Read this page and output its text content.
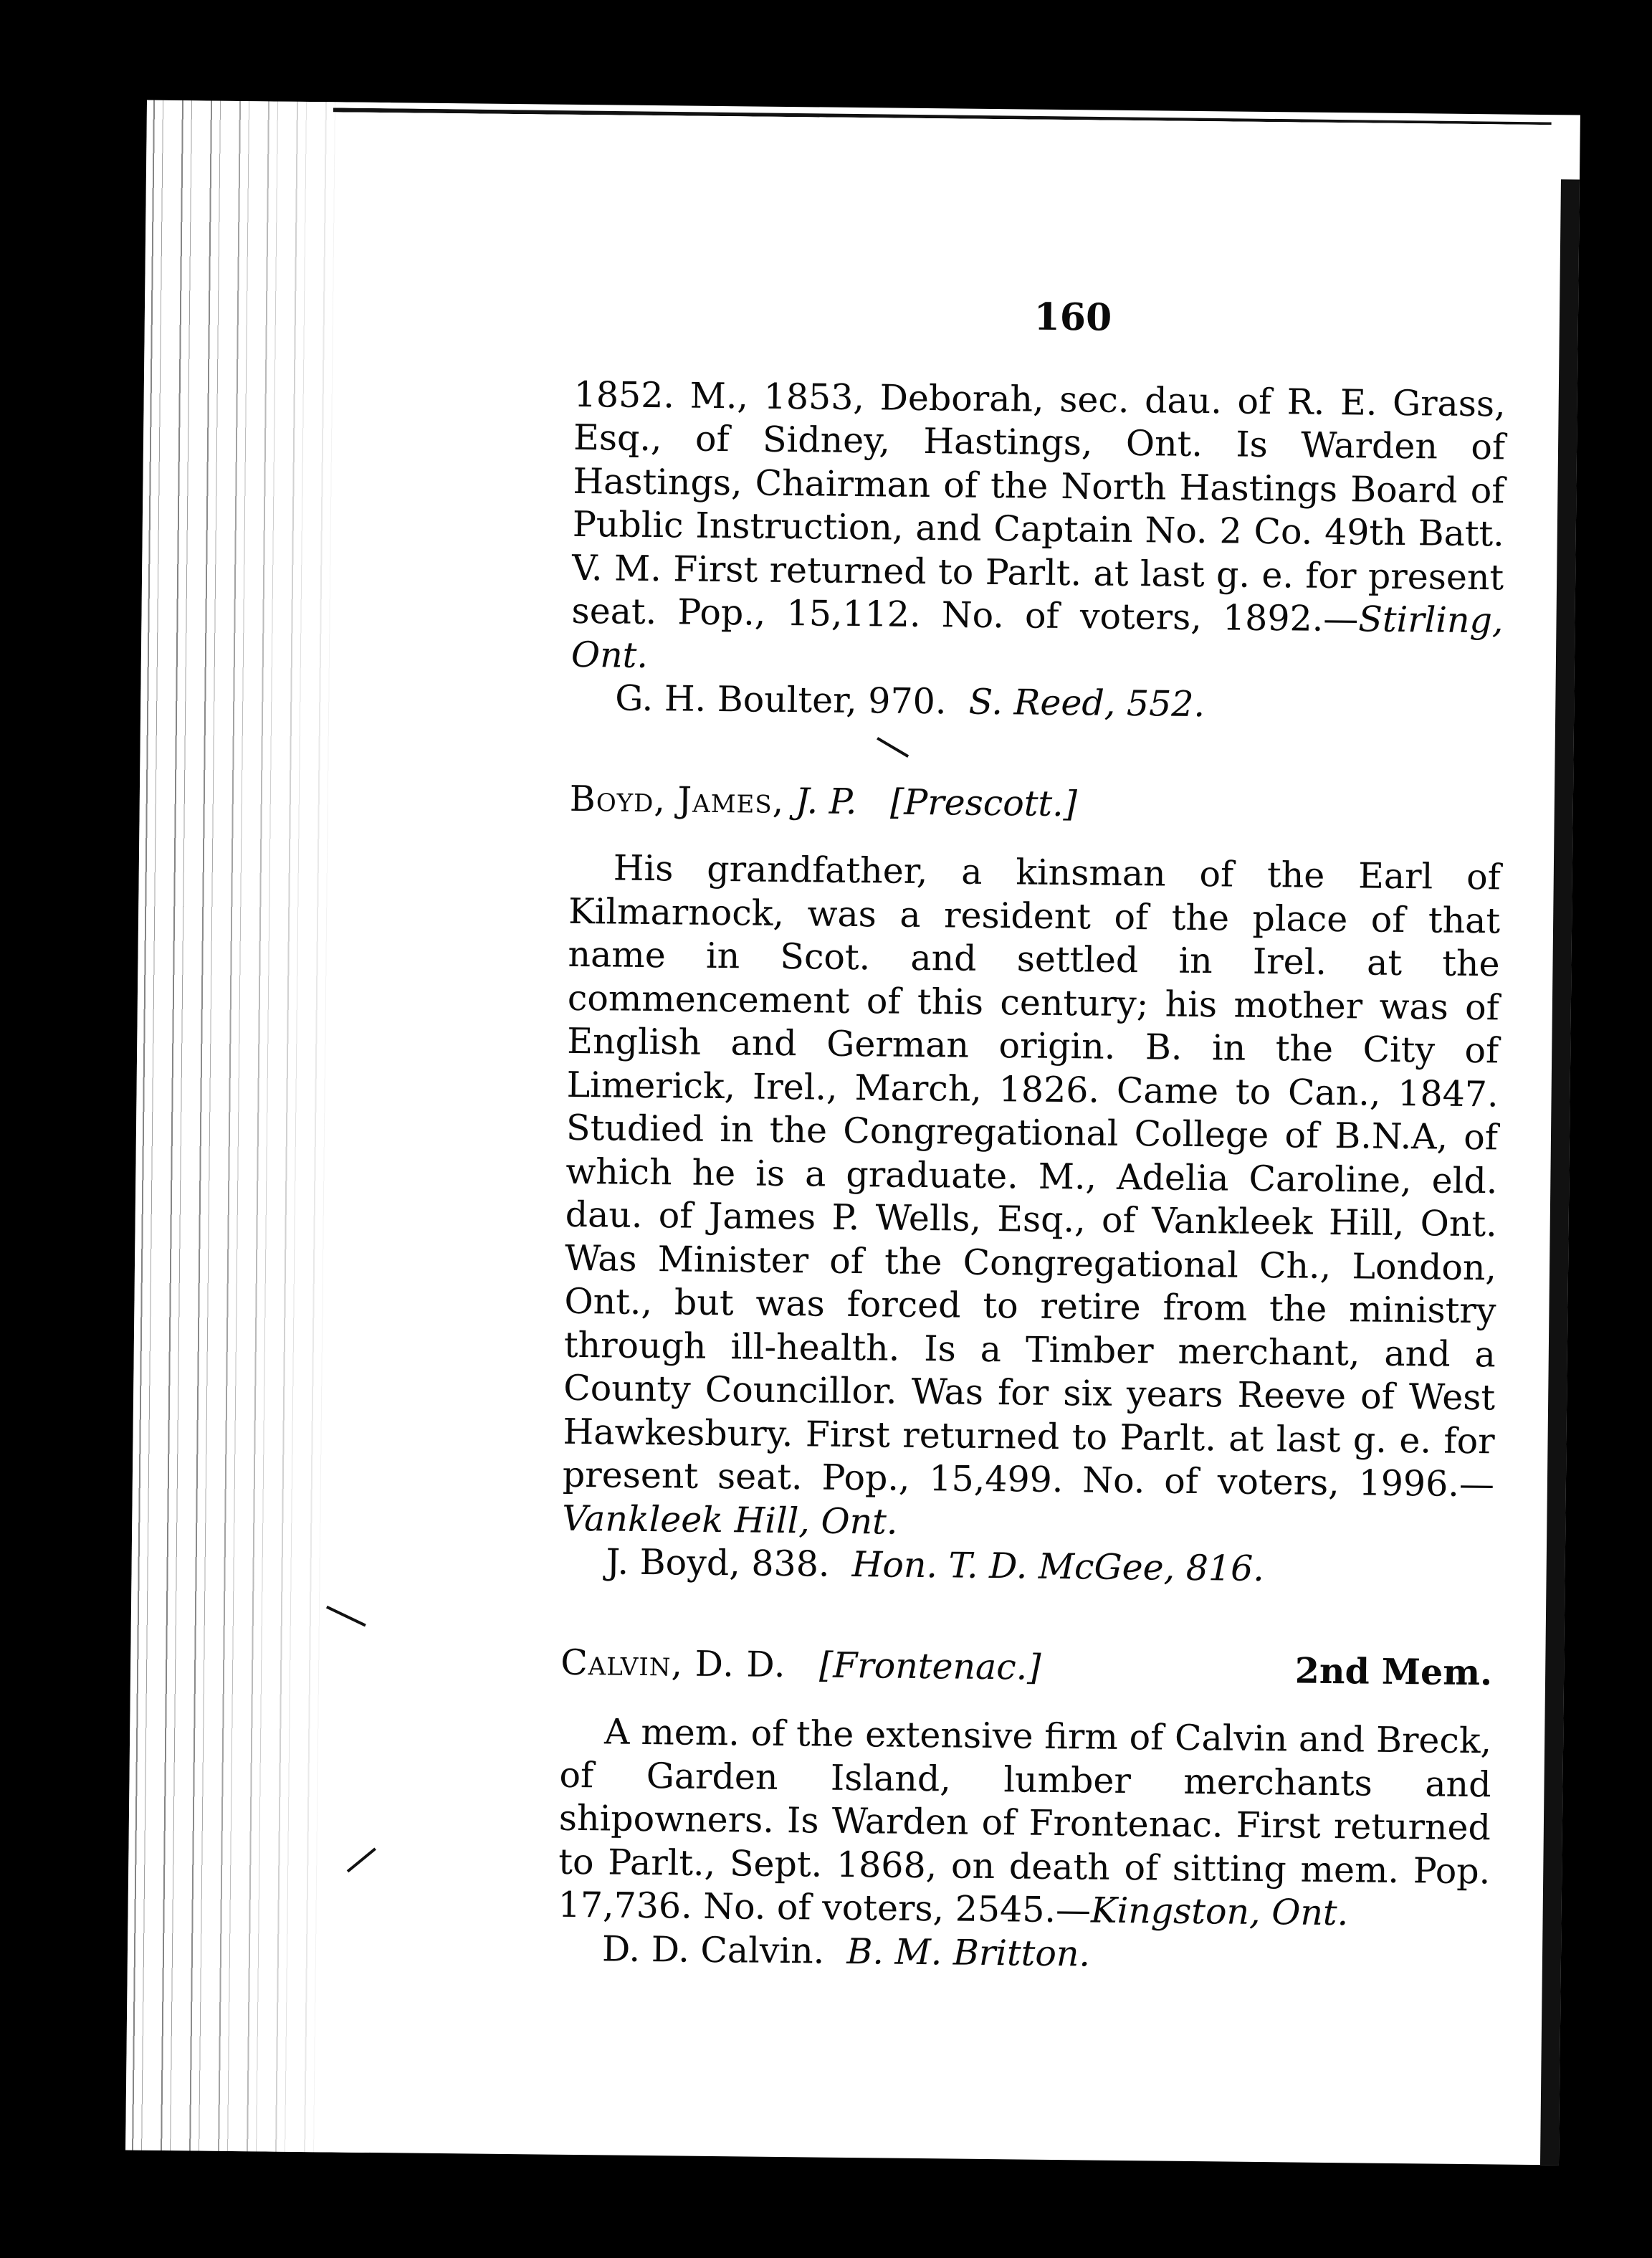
160
1852. M., 1853, Deborah, sec. dau. of R. E. Grass, Esq., of Sidney, Hastings, Ont. Is Warden of Hastings, Chairman of the North Hastings Board of Public Instruction, and Captain No. 2 Co. 49th Batt. V. M. First returned to Parlt. at last g. e. for present seat. Pop., 15,112. No. of voters, 1892.—Stirling, Ont.
G. H. Boulter, 970. S. Reed, 552.
Boyd, James, J. P. [Prescott.]
His grandfather, a kinsman of the Earl of Kilmarnock, was a resident of the place of that name in Scot. and settled in Irel. at the commencement of this century; his mother was of English and German origin. B. in the City of Limerick, Irel., March, 1826. Came to Can., 1847. Studied in the Congregational College of B.N.A, of which he is a graduate. M., Adelia Caroline, eld. dau. of James P. Wells, Esq., of Vankleek Hill, Ont. Was Minister of the Congregational Ch., London, Ont., but was forced to retire from the ministry through ill-health. Is a Timber merchant, and a County Councillor. Was for six years Reeve of West Hawkesbury. First returned to Parlt. at last g. e. for present seat. Pop., 15,499. No. of voters, 1996.—Vankleek Hill, Ont.
J. Boyd, 838. Hon. T. D. McGee, 816.
Calvin, D. D. [Frontenac.]	2nd Mem.
A mem. of the extensive firm of Calvin and Breck, of Garden Island, lumber merchants and shipowners. Is Warden of Frontenac. First returned to Parlt., Sept. 1868, on death of sitting mem. Pop. 17,736. No. of voters, 2545.—Kingston, Ont.
D. D. Calvin. B. M. Britton.
